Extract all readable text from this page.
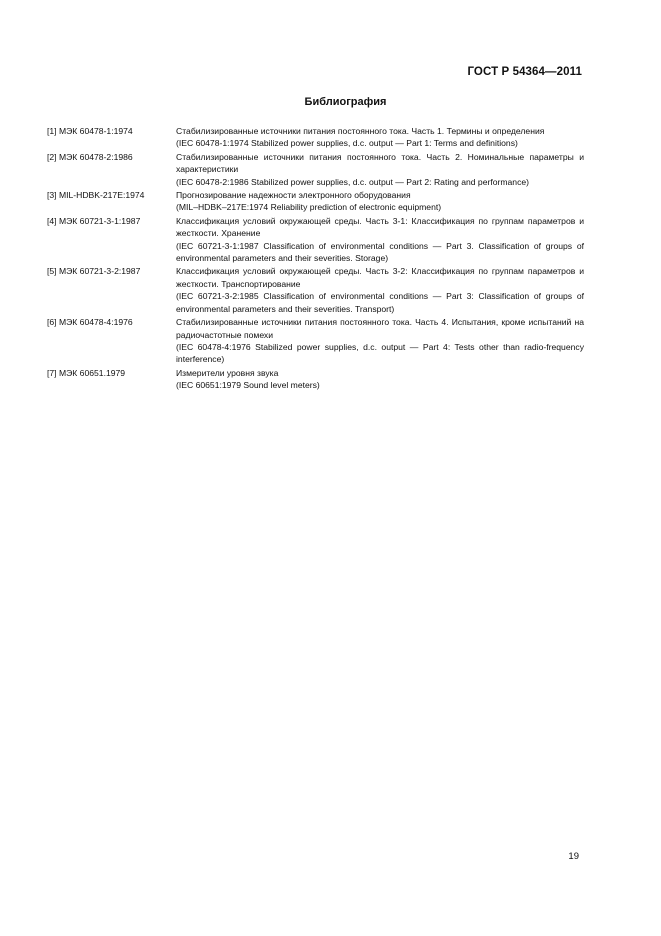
ГОСТ Р 54364—2011
Библиография
[1] МЭК 60478-1:1974	Стабилизированные источники питания постоянного тока. Часть 1. Термины и определения

(IEC 60478-1:1974 Stabilized power supplies, d.c. output — Part 1: Terms and definitions)

[2] МЭК 60478-2:1986	Стабилизированные источники питания постоянного тока. Часть 2. Номинальные параметры и характеристики

(IEC 60478-2:1986 Stabilized power supplies, d.c. output — Part 2: Rating and performance)

[3] MIL-HDBK-217E:1974	Прогнозирование надежности электронного оборудования

(MIL–HDBK–217E:1974 Reliability prediction of electronic equipment)

[4] МЭК 60721-3-1:1987	Классификация условий окружающей среды. Часть 3-1: Классификация по группам параметров и жесткости. Хранение

(IEC 60721-3-1:1987 Classification of environmental conditions — Part 3. Classification of groups of environmental parameters and their severities. Storage)

[5] МЭК 60721-3-2:1987	Классификация условий окружающей среды. Часть 3-2: Классификация по группам параметров и жесткости. Транспортирование

(IEC 60721-3-2:1985 Classification of environmental conditions — Part 3: Classification of groups of environmental parameters and their severities. Transport)

[6] МЭК 60478-4:1976	Стабилизированные источники питания постоянного тока. Часть 4. Испытания, кроме испытаний на радиочастотные помехи

(IEC 60478-4:1976 Stabilized power supplies, d.c. output — Part 4: Tests other than radio-frequency interference)

[7] МЭК 60651.1979	Измерители уровня звука

(IEC 60651:1979 Sound level meters)

19
